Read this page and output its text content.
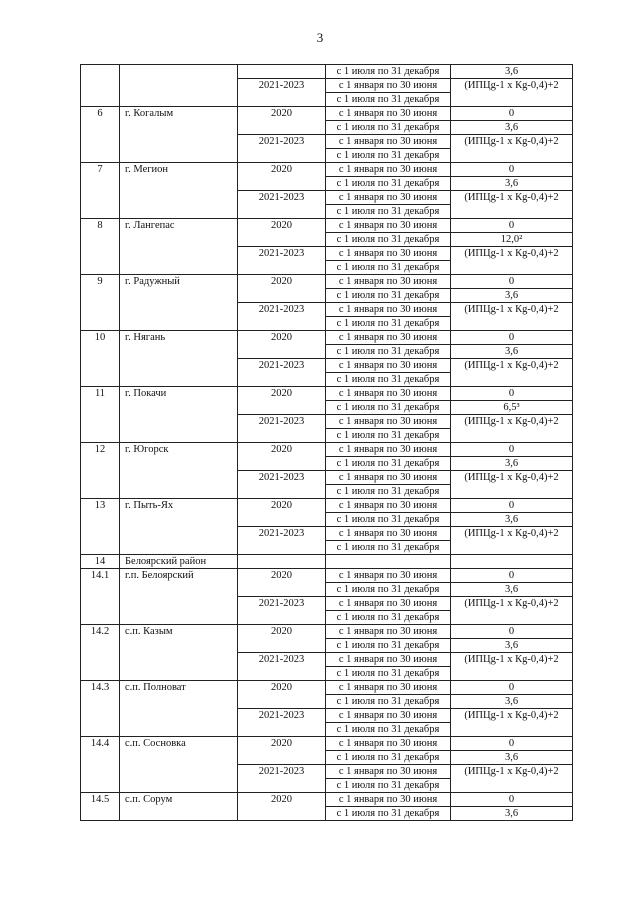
3
			с 1 июля по 31 декабря	3,6
		2021-2023	с 1 января по 30 июня	(ИПЦg-1 x Кg-0,4)+2
			с 1 июля по 31 декабря	
6	г. Когалым	2020	с 1 января по 30 июня	0
			с 1 июля по 31 декабря	3,6
		2021-2023	с 1 января по 30 июня	(ИПЦg-1 x Кg-0,4)+2
			с 1 июля по 31 декабря	
7	г. Мегион	2020	с 1 января по 30 июня	0
			с 1 июля по 31 декабря	3,6
		2021-2023	с 1 января по 30 июня	(ИПЦg-1 x Кg-0,4)+2
			с 1 июля по 31 декабря	
8	г. Лангепас	2020	с 1 января по 30 июня	0
			с 1 июля по 31 декабря	12,0²
		2021-2023	с 1 января по 30 июня	(ИПЦg-1 x Кg-0,4)+2
			с 1 июля по 31 декабря	
9	г. Радужный	2020	с 1 января по 30 июня	0
			с 1 июля по 31 декабря	3,6
		2021-2023	с 1 января по 30 июня	(ИПЦg-1 x Кg-0,4)+2
			с 1 июля по 31 декабря	
10	г. Нягань	2020	с 1 января по 30 июня	0
			с 1 июля по 31 декабря	3,6
		2021-2023	с 1 января по 30 июня	(ИПЦg-1 x Кg-0,4)+2
			с 1 июля по 31 декабря	
11	г. Покачи	2020	с 1 января по 30 июня	0
			с 1 июля по 31 декабря	6,5³
		2021-2023	с 1 января по 30 июня	(ИПЦg-1 x Кg-0,4)+2
			с 1 июля по 31 декабря	
12	г. Югорск	2020	с 1 января по 30 июня	0
			с 1 июля по 31 декабря	3,6
		2021-2023	с 1 января по 30 июня	(ИПЦg-1 x Кg-0,4)+2
			с 1 июля по 31 декабря	
13	г. Пыть-Ях	2020	с 1 января по 30 июня	0
			с 1 июля по 31 декабря	3,6
		2021-2023	с 1 января по 30 июня	(ИПЦg-1 x Кg-0,4)+2
			с 1 июля по 31 декабря	
14	Белоярский район			
14.1	г.п. Белоярский	2020	с 1 января по 30 июня	0
			с 1 июля по 31 декабря	3,6
		2021-2023	с 1 января по 30 июня	(ИПЦg-1 x Кg-0,4)+2
			с 1 июля по 31 декабря	
14.2	с.п. Казым	2020	с 1 января по 30 июня	0
			с 1 июля по 31 декабря	3,6
		2021-2023	с 1 января по 30 июня	(ИПЦg-1 x Кg-0,4)+2
			с 1 июля по 31 декабря	
14.3	с.п. Полноват	2020	с 1 января по 30 июня	0
			с 1 июля по 31 декабря	3,6
		2021-2023	с 1 января по 30 июня	(ИПЦg-1 x Кg-0,4)+2
			с 1 июля по 31 декабря	
14.4	с.п. Сосновка	2020	с 1 января по 30 июня	0
			с 1 июля по 31 декабря	3,6
		2021-2023	с 1 января по 30 июня	(ИПЦg-1 x Кg-0,4)+2
			с 1 июля по 31 декабря	
14.5	с.п. Сорум	2020	с 1 января по 30 июня	0
			с 1 июля по 31 декабря	3,6
